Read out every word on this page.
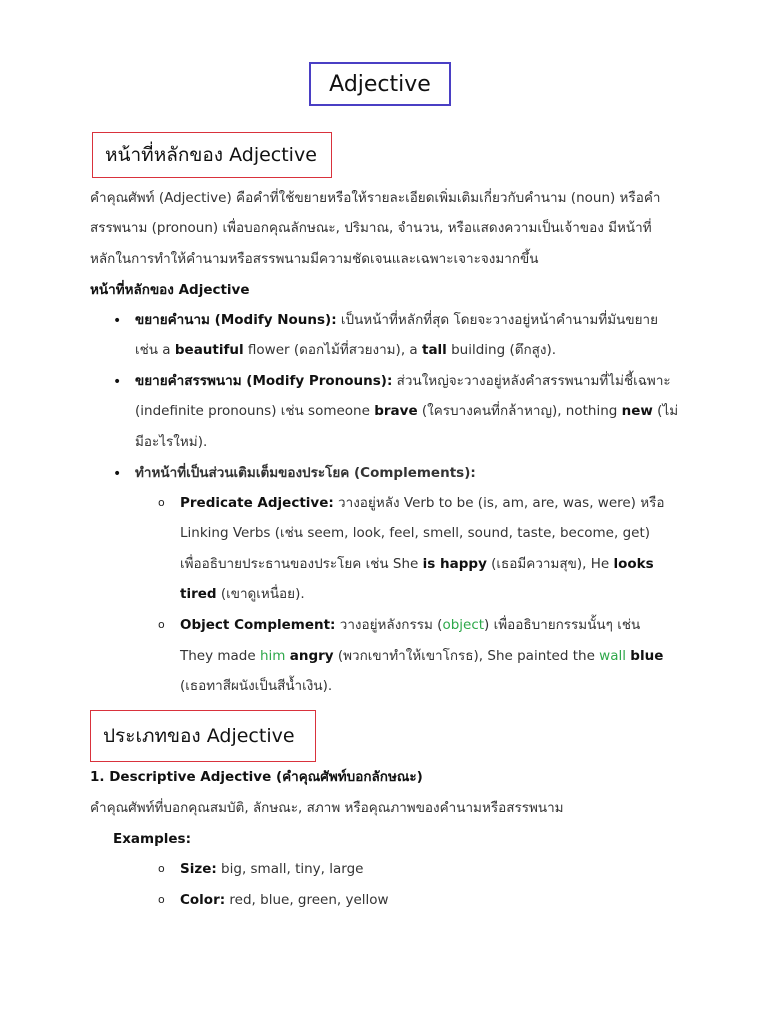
Adjective
หน้าที่หลักของ Adjective
คำคุณศัพท์ (Adjective) คือคำที่ใช้ขยายหรือให้รายละเอียดเพิ่มเติมเกี่ยวกับคำนาม (noun) หรือคำ
สรรพนาม (pronoun) เพื่อบอกคุณลักษณะ, ปริมาณ, จำนวน, หรือแสดงความเป็นเจ้าของ มีหน้าที่
หลักในการทำให้คำนามหรือสรรพนามมีความชัดเจนและเฉพาะเจาะจงมากขึ้น
หน้าที่หลักของ Adjective
• ขยายคำนาม (Modify Nouns): เป็นหน้าที่หลักที่สุด โดยจะวางอยู่หน้าคำนามที่มันขยาย
เช่น a beautiful flower (ดอกไม้ที่สวยงาม), a tall building (ตึกสูง).
• ขยายคำสรรพนาม (Modify Pronouns): ส่วนใหญ่จะวางอยู่หลังคำสรรพนามที่ไม่ชี้เฉพาะ
(indefinite pronouns) เช่น someone brave (ใครบางคนที่กล้าหาญ), nothing new (ไม่
มีอะไรใหม่).
• ทำหน้าที่เป็นส่วนเติมเต็มของประโยค (Complements):
o Predicate Adjective: วางอยู่หลัง Verb to be (is, am, are, was, were) หรือ
Linking Verbs (เช่น seem, look, feel, smell, sound, taste, become, get)
เพื่ออธิบายประธานของประโยค เช่น She is happy (เธอมีความสุข), He looks
tired (เขาดูเหนื่อย).
o Object Complement: วางอยู่หลังกรรม (object) เพื่ออธิบายกรรมนั้นๆ เช่น
They made him angry (พวกเขาทำให้เขาโกรธ), She painted the wall blue
(เธอทาสีผนังเป็นสีน้ำเงิน).
ประเภทของ Adjective
1. Descriptive Adjective (คำคุณศัพท์บอกลักษณะ)
คำคุณศัพท์ที่บอกคุณสมบัติ, ลักษณะ, สภาพ หรือคุณภาพของคำนามหรือสรรพนาม
Examples:
o Size: big, small, tiny, large
o Color: red, blue, green, yellow
